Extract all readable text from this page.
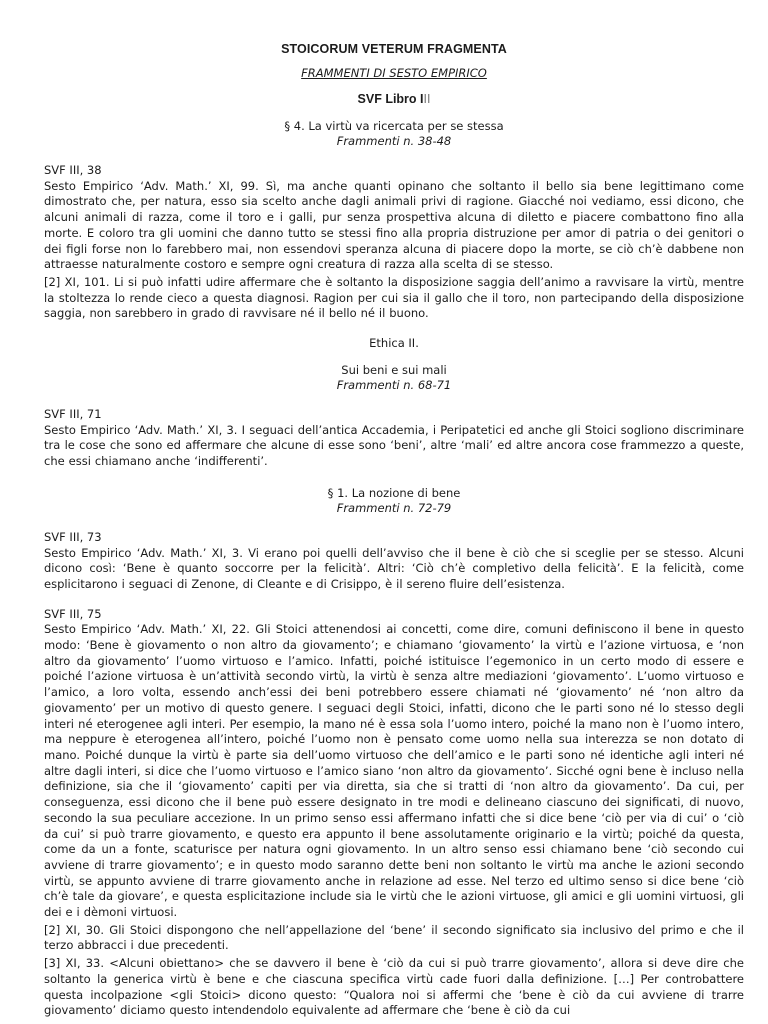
STOICORUM VETERUM FRAGMENTA
FRAMMENTI DI SESTO EMPIRICO
SVF Libro III
§ 4. La virtù va ricercata per se stessa
Frammenti n. 38-48
SVF III, 38

Sesto Empirico ‘Adv. Math.’ XI, 99. Sì, ma anche quanti opinano che soltanto il bello sia bene legittimano come dimostrato che, per natura, esso sia scelto anche dagli animali privi di ragione. Giacché noi vediamo, essi dicono, che alcuni animali di razza, come il toro e i galli, pur senza prospettiva alcuna di diletto e piacere combattono fino alla morte. E coloro tra gli uomini che danno tutto se stessi fino alla propria distruzione per amor di patria o dei genitori o dei figli forse non lo farebbero mai, non essendovi speranza alcuna di piacere dopo la morte, se ciò ch’è dabbene non attraesse naturalmente costoro e sempre ogni creatura di razza alla scelta di se stesso.

[2] XI, 101. Li si può infatti udire affermare che è soltanto la disposizione saggia dell’animo a ravvisare la virtù, mentre la stoltezza lo rende cieco a questa diagnosi. Ragion per cui sia il gallo che il toro, non partecipando della disposizione saggia, non sarebbero in grado di ravvisare né il bello né il buono.

Ethica II.
Sui beni e sui mali
Frammenti n. 68-71
SVF III, 71

Sesto Empirico ‘Adv. Math.’ XI, 3. I seguaci dell’antica Accademia, i Peripatetici ed anche gli Stoici sogliono discriminare tra le cose che sono ed affermare che alcune di esse sono ‘beni’, altre ‘mali’ ed altre ancora cose frammezzo a queste, che essi chiamano anche ‘indifferenti’.

§ 1. La nozione di bene
Frammenti n. 72-79
SVF III, 73

Sesto Empirico ‘Adv. Math.’ XI, 3. Vi erano poi quelli dell’avviso che il bene è ciò che si sceglie per se stesso. Alcuni dicono così: ‘Bene è quanto soccorre per la felicità’. Altri: ‘Ciò ch’è completivo della felicità’. E la felicità, come esplicitarono i seguaci di Zenone, di Cleante e di Crisippo, è il sereno fluire dell’esistenza.

SVF III, 75

Sesto Empirico ‘Adv. Math.’ XI, 22. Gli Stoici attenendosi ai concetti, come dire, comuni definiscono il bene in questo modo: ‘Bene è giovamento o non altro da giovamento’; e chiamano ‘giovamento’ la virtù e l’azione virtuosa, e ‘non altro da giovamento’ l’uomo virtuoso e l’amico. Infatti, poiché istituisce l’egemonico in un certo modo di essere e poiché l’azione virtuosa è un’attività secondo virtù, la virtù è senza altre mediazioni ‘giovamento’. L’uomo virtuoso e l’amico, a loro volta, essendo anch’essi dei beni potrebbero essere chiamati né ‘giovamento’ né ‘non altro da giovamento’ per un motivo di questo genere. I seguaci degli Stoici, infatti, dicono che le parti sono né lo stesso degli interi né eterogenee agli interi. Per esempio, la mano né è essa sola l’uomo intero, poiché la mano non è l’uomo intero, ma neppure è eterogenea all’intero, poiché l’uomo non è pensato come uomo nella sua interezza se non dotato di mano. Poiché dunque la virtù è parte sia dell’uomo virtuoso che dell’amico e le parti sono né identiche agli interi né altre dagli interi, si dice che l’uomo virtuoso e l’amico siano ‘non altro da giovamento’. Sicché ogni bene è incluso nella definizione, sia che il ‘giovamento’ capiti per via diretta, sia che si tratti di ‘non altro da giovamento’. Da cui, per conseguenza, essi dicono che il bene può essere designato in tre modi e delineano ciascuno dei significati, di nuovo, secondo la sua peculiare accezione. In un primo senso essi affermano infatti che si dice bene ‘ciò per via di cui’ o ‘ciò da cui’ si può trarre giovamento, e questo era appunto il bene assolutamente originario e la virtù; poiché da questa, come da un a fonte, scaturisce per natura ogni giovamento. In un altro senso essi chiamano bene ‘ciò secondo cui avviene di trarre giovamento’; e in questo modo saranno dette beni non soltanto le virtù ma anche le azioni secondo virtù, se appunto avviene di trarre giovamento anche in relazione ad esse. Nel terzo ed ultimo senso si dice bene ‘ciò ch’è tale da giovare’, e questa esplicitazione include sia le virtù che le azioni virtuose, gli amici e gli uomini virtuosi, gli dei e i dèmoni virtuosi.

[2] XI, 30. Gli Stoici dispongono che nell’appellazione del ‘bene’ il secondo significato sia inclusivo del primo e che il terzo abbracci i due precedenti.

[3] XI, 33. <Alcuni obiettano> che se davvero il bene è ‘ciò da cui si può trarre giovamento’, allora si deve dire che soltanto la generica virtù è bene e che ciascuna specifica virtù cade fuori dalla definizione. […] Per controbattere questa incolpazione <gli Stoici> dicono questo: “Qualora noi si affermi che ‘bene è ciò da cui avviene di trarre giovamento’ diciamo questo intendendolo equivalente ad affermare che ‘bene è ciò da cui
